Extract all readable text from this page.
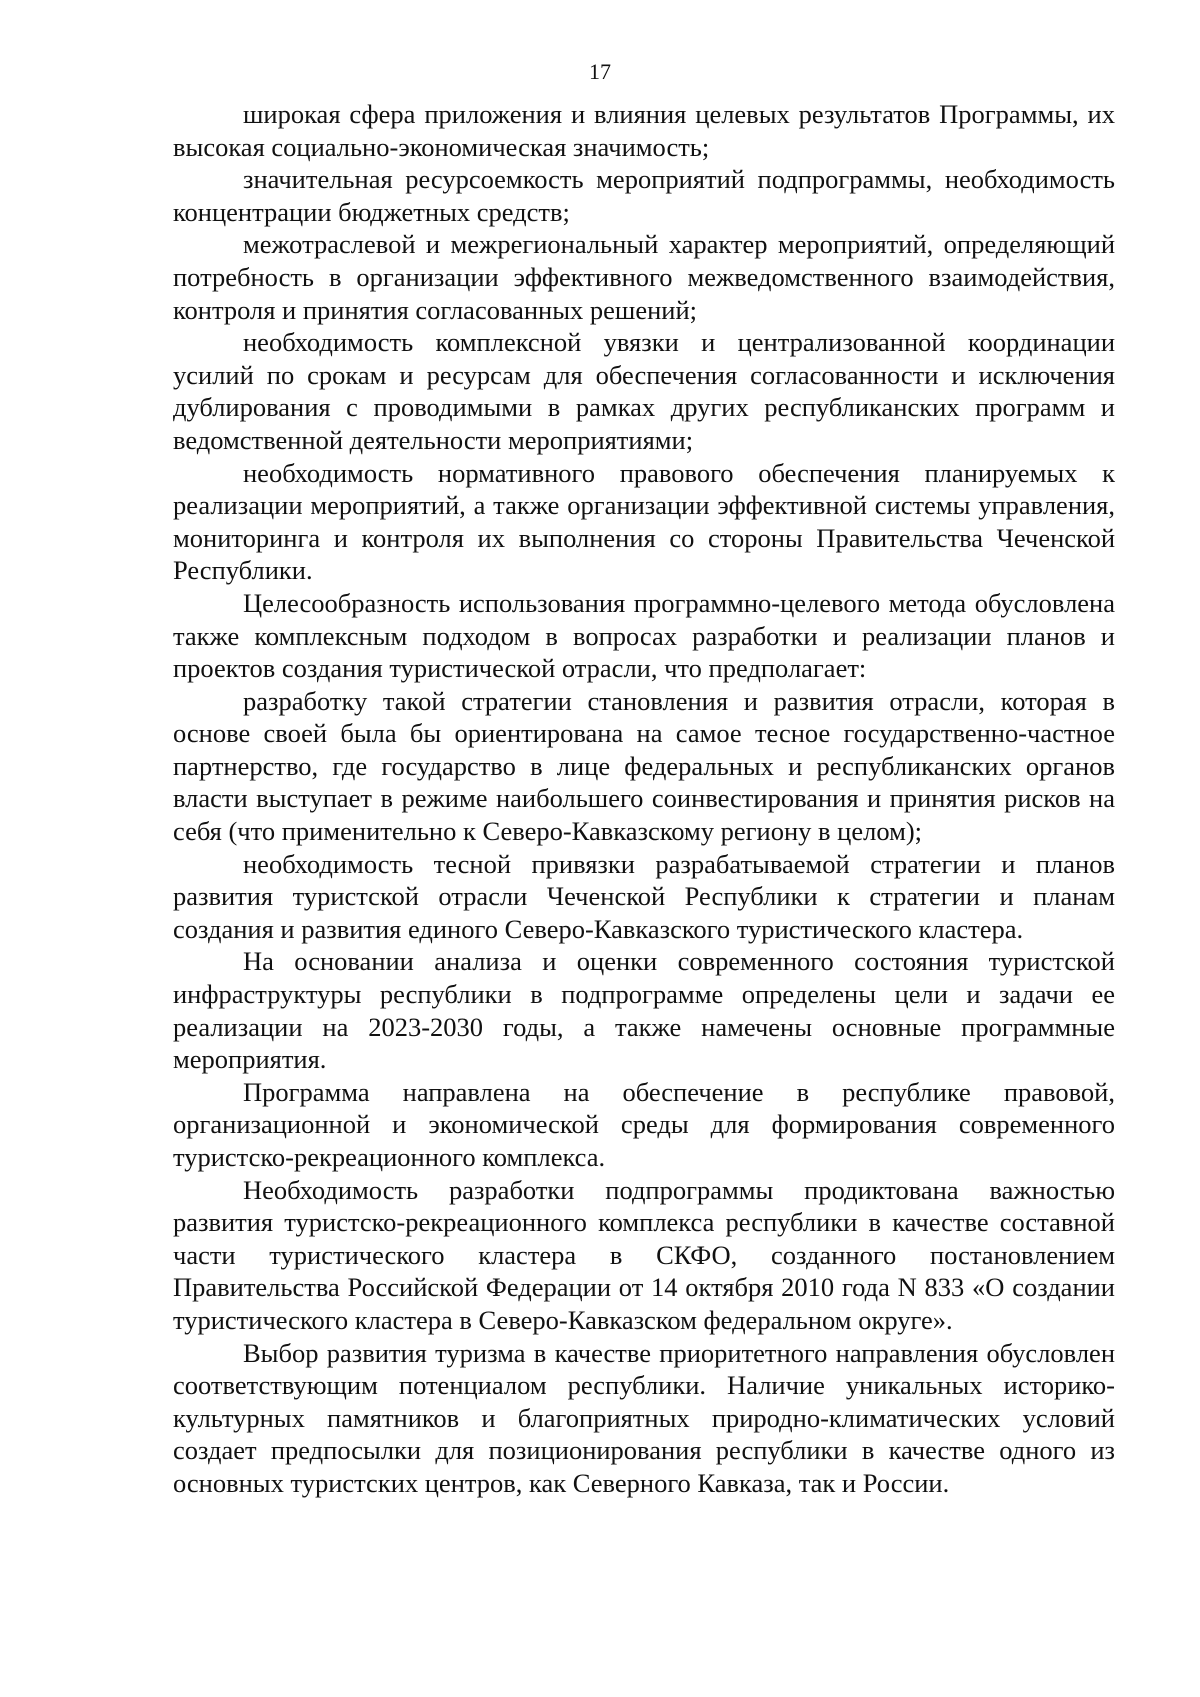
17

широкая сфера приложения и влияния целевых результатов Программы, их высокая социально-экономическая значимость;

значительная ресурсоемкость мероприятий подпрограммы, необходимость концентрации бюджетных средств;

межотраслевой и межрегиональный характер мероприятий, определяющий потребность в организации эффективного межведомственного взаимодействия, контроля и принятия согласованных решений;

необходимость комплексной увязки и централизованной координации усилий по срокам и ресурсам для обеспечения согласованности и исключения дублирования с проводимыми в рамках других республиканских программ и ведомственной деятельности мероприятиями;

необходимость нормативного правового обеспечения планируемых к реализации мероприятий, а также организации эффективной системы управления, мониторинга и контроля их выполнения со стороны Правительства Чеченской Республики.

Целесообразность использования программно-целевого метода обусловлена также комплексным подходом в вопросах разработки и реализации планов и проектов создания туристической отрасли, что предполагает:

разработку такой стратегии становления и развития отрасли, которая в основе своей была бы ориентирована на самое тесное государственно-частное партнерство, где государство в лице федеральных и республиканских органов власти выступает в режиме наибольшего соинвестирования и принятия рисков на себя (что применительно к Северо-Кавказскому региону в целом);

необходимость тесной привязки разрабатываемой стратегии и планов развития туристской отрасли Чеченской Республики к стратегии и планам создания и развития единого Северо-Кавказского туристического кластера.

На основании анализа и оценки современного состояния туристской инфраструктуры республики в подпрограмме определены цели и задачи ее реализации на 2023-2030 годы, а также намечены основные программные мероприятия.

Программа направлена на обеспечение в республике правовой, организационной и экономической среды для формирования современного туристско-рекреационного комплекса.

Необходимость разработки подпрограммы продиктована важностью развития туристско-рекреационного комплекса республики в качестве составной части туристического кластера в СКФО, созданного постановлением Правительства Российской Федерации от 14 октября 2010 года N 833 «О создании туристического кластера в Северо-Кавказском федеральном округе».

Выбор развития туризма в качестве приоритетного направления обусловлен соответствующим потенциалом республики. Наличие уникальных историко-культурных памятников и благоприятных природно-климатических условий создает предпосылки для позиционирования республики в качестве одного из основных туристских центров, как Северного Кавказа, так и России.
